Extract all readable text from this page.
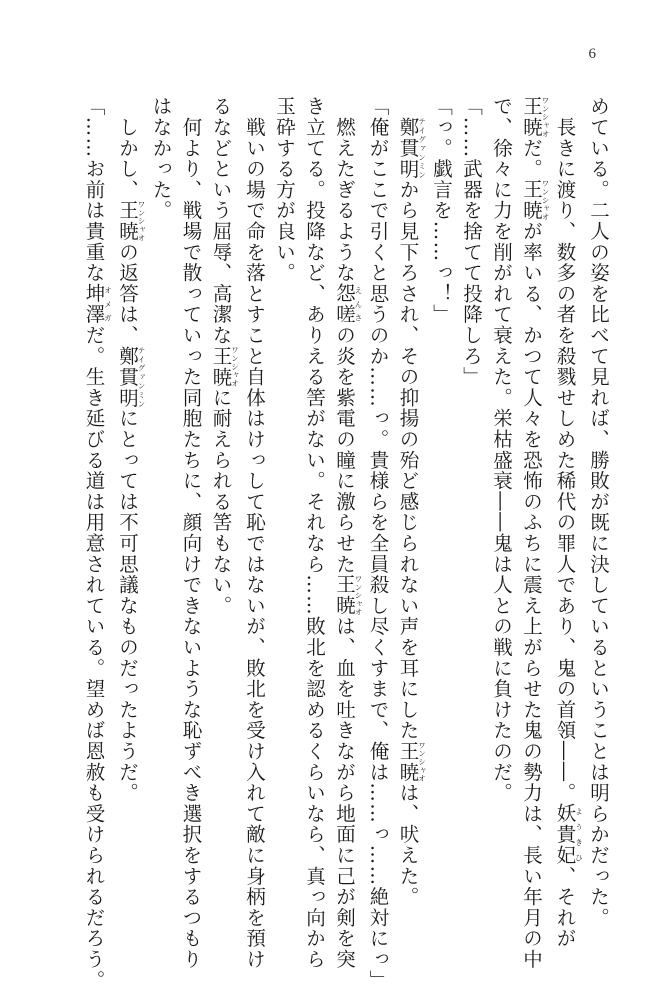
6
めている。二人の姿を比べて見れば、勝敗が既に決しているということは明らかだった。
　長きに渡り、数多の者を殺戮せしめた稀代の罪人であり、鬼の首領――。妖貴妃ようきひ、それが
王暁ワンシャオだ。王暁ワンシャオが率いる、かつて人々を恐怖のふちに震え上がらせた鬼の勢力は、長い年月の中
で、徐々に力を削がれて衰えた。栄枯盛衰――鬼は人との戦に負けたのだ。
「……武器を捨てて投降しろ」
「っ。戯言を……っ！」
　鄭貫明テイグァンミンから見下ろされ、その抑揚の殆ど感じられない声を耳にした王暁ワンシャオは、吠えた。
「俺がここで引くと思うのか……っ。貴様らを全員殺し尽くすまで、俺は……っ……絶対にっ」
　燃えたぎるような怨嗟えんさの炎を紫電の瞳に激らせた王暁ワンシャオは、血を吐きながら地面に己が剣を突
き立てる。投降など、ありえる筈がない。それなら……敗北を認めるくらいなら、真っ向から
玉砕する方が良い。
　戦いの場で命を落とすこと自体はけっして恥ではないが、敗北を受け入れて敵に身柄を預け
るなどという屈辱、高潔な王暁ワンシャオに耐えられる筈もない。
　何より、戦場で散っていった同胞たちに、顔向けできないような恥ずべき選択をするつもり
はなかった。
　しかし、王暁ワンシャオの返答は、鄭貫明テイグァンミンにとっては不可思議なものだったようだ。
「……お前は貴重な坤澤オメガだ。生き延びる道は用意されている。望めば恩赦も受けられるだろう。
